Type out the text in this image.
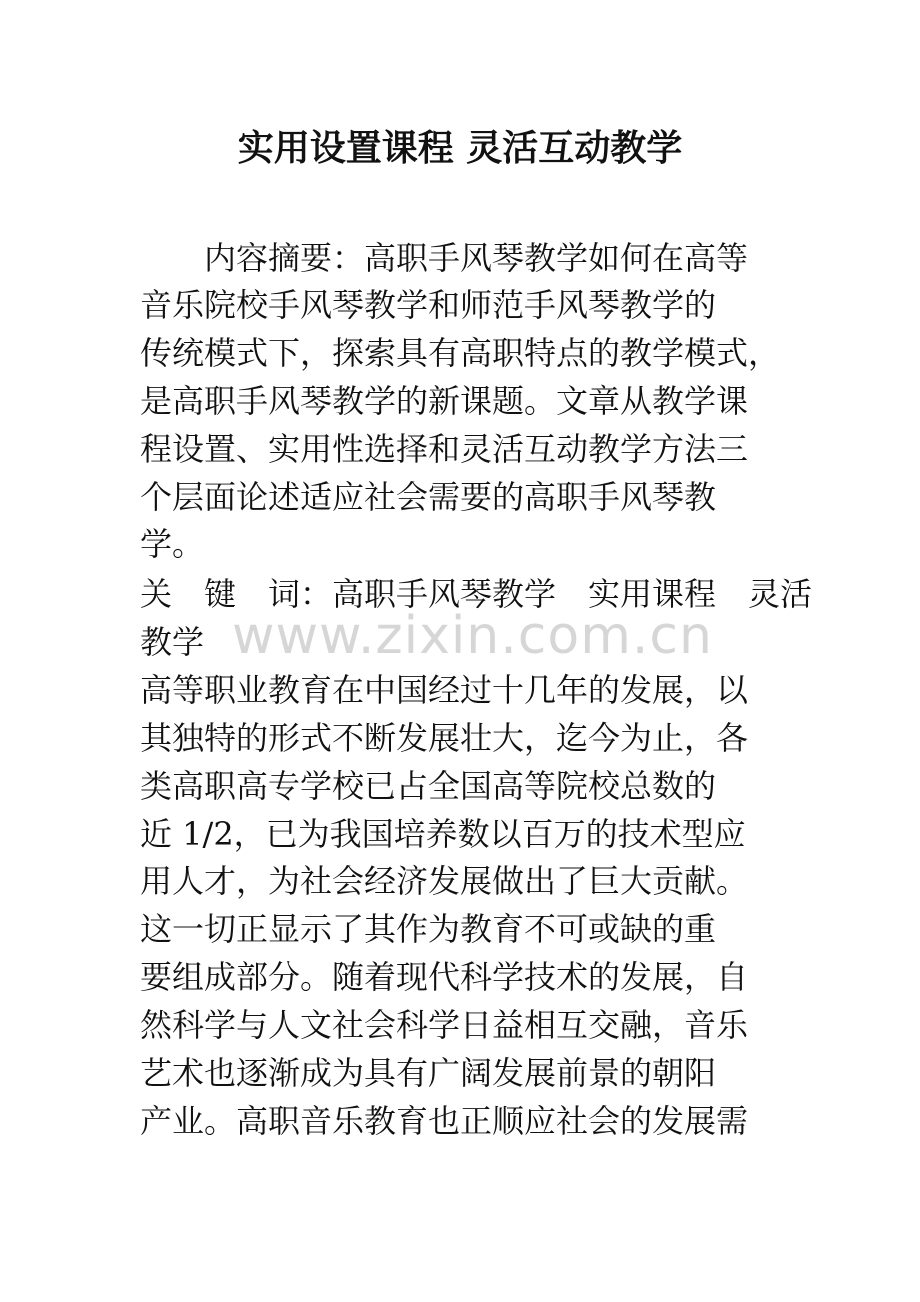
实用设置课程 灵活互动教学
　　内容摘要：高职手风琴教学如何在高等
音乐院校手风琴教学和师范手风琴教学的
传统模式下，探索具有高职特点的教学模式，
是高职手风琴教学的新课题。文章从教学课
程设置、实用性选择和灵活互动教学方法三
个层面论述适应社会需要的高职手风琴教
学。
关　键　词：高职手风琴教学　实用课程　灵活
教学
高等职业教育在中国经过十几年的发展，以
其独特的形式不断发展壮大，迄今为止，各
类高职高专学校已占全国高等院校总数的
近 1/2，已为我国培养数以百万的技术型应
用人才，为社会经济发展做出了巨大贡献。
这一切正显示了其作为教育不可或缺的重
要组成部分。随着现代科学技术的发展，自
然科学与人文社会科学日益相互交融，音乐
艺术也逐渐成为具有广阔发展前景的朝阳
产业。高职音乐教育也正顺应社会的发展需
www.zixin.com.cn
